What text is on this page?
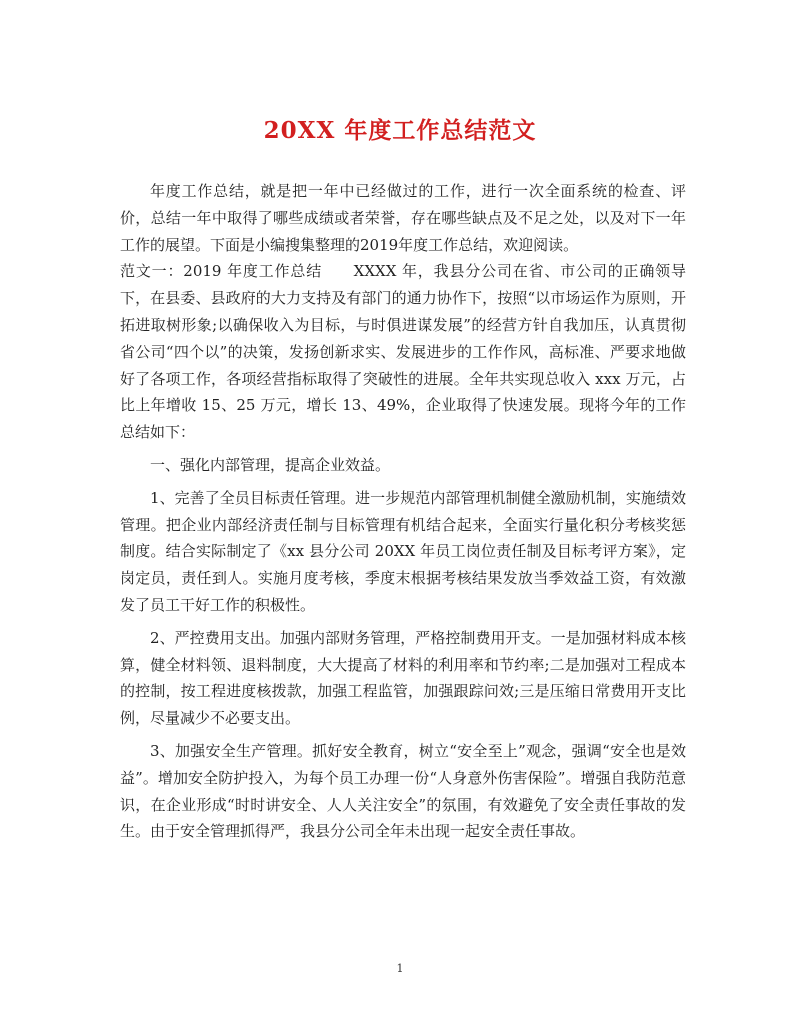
20XX 年度工作总结范文

年度工作总结，就是把一年中已经做过的工作，进行一次全面系统的检查、评价，总结一年中取得了哪些成绩或者荣誉，存在哪些缺点及不足之处，以及对下一年工作的展望。下面是小编搜集整理的2019年度工作总结，欢迎阅读。

范文一：2019 年度工作总结　　XXXX 年，我县分公司在省、市公司的正确领导下，在县委、县政府的大力支持及有部门的通力协作下，按照“以市场运作为原则，开拓进取树形象;以确保收入为目标，与时俱进谋发展”的经营方针自我加压，认真贯彻省公司“四个以”的决策，发扬创新求实、发展进步的工作作风，高标准、严要求地做好了各项工作，各项经营指标取得了突破性的进展。全年共实现总收入 xxx 万元，占比上年增收 15、25 万元，增长 13、49%，企业取得了快速发展。现将今年的工作总结如下：

一、强化内部管理，提高企业效益。

1、完善了全员目标责任管理。进一步规范内部管理机制健全激励机制，实施绩效管理。把企业内部经济责任制与目标管理有机结合起来，全面实行量化积分考核奖惩制度。结合实际制定了《xx 县分公司 20XX 年员工岗位责任制及目标考评方案》，定岗定员，责任到人。实施月度考核，季度末根据考核结果发放当季效益工资，有效激发了员工干好工作的积极性。

2、严控费用支出。加强内部财务管理，严格控制费用开支。一是加强材料成本核算，健全材料领、退料制度，大大提高了材料的利用率和节约率;二是加强对工程成本的控制，按工程进度核拨款，加强工程监管，加强跟踪问效;三是压缩日常费用开支比例，尽量减少不必要支出。

3、加强安全生产管理。抓好安全教育，树立“安全至上”观念，强调“安全也是效益”。增加安全防护投入，为每个员工办理一份“人身意外伤害保险”。增强自我防范意识，在企业形成“时时讲安全、人人关注安全”的氛围，有效避免了安全责任事故的发生。由于安全管理抓得严，我县分公司全年未出现一起安全责任事故。

1
